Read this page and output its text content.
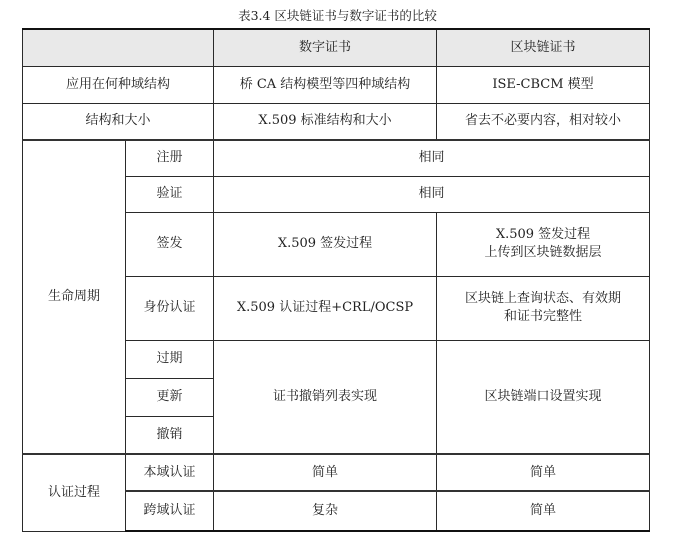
表3.4 区块链证书与数字证书的比较
		数字证书	区块链证书
应用在何种域结构		桥 CA 结构模型等四种域结构	ISE-CBCM 模型
结构和大小		X.509 标准结构和大小	省去不必要内容，相对较小
生命周期	注册	相同	
	验证	相同	
	签发	X.509 签发过程	X.509 签发过程
上传到区块链数据层

	身份认证	X.509 认证过程+CRL/OCSP	区块链上查询状态、有效期
和证书完整性

	过期	证书撤销列表实现	区块链端口设置实现
	更新		
	撤销		
认证过程	本域认证	简单	简单
	跨域认证	复杂	简单
